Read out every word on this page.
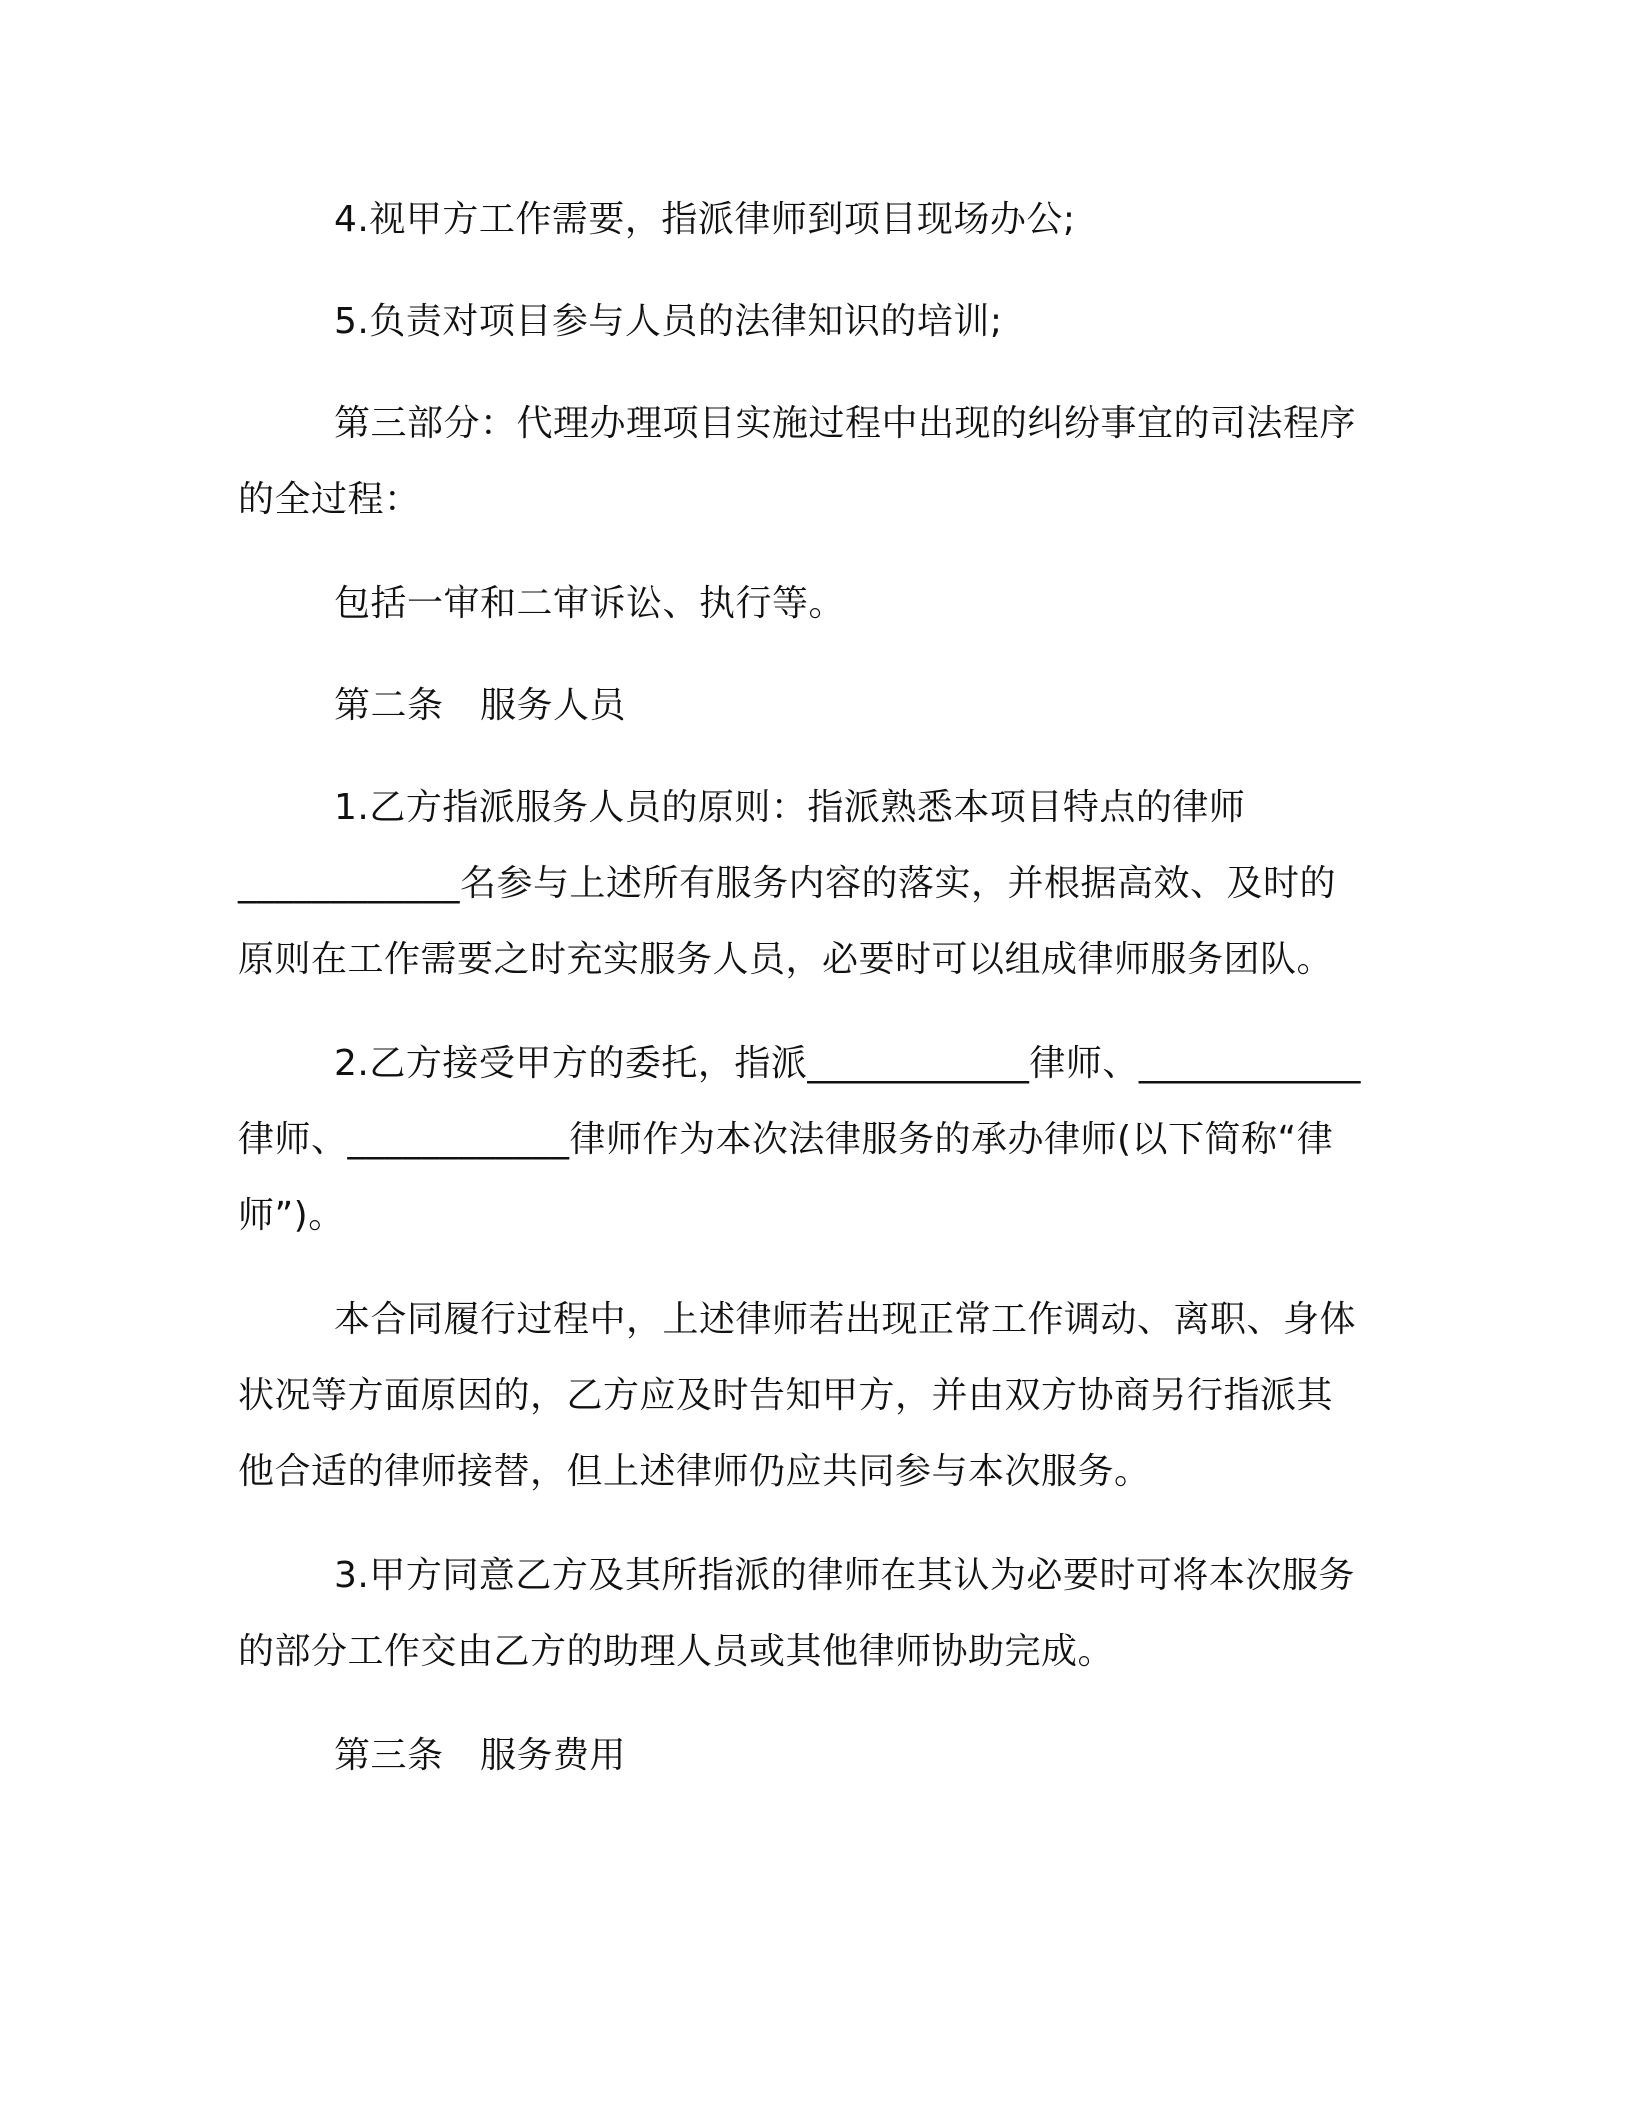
4.视甲方工作需要，指派律师到项目现场办公;
5.负责对项目参与人员的法律知识的培训;
第三部分：代理办理项目实施过程中出现的纠纷事宜的司法程序
的全过程：
包括一审和二审诉讼、执行等。
第二条　服务人员
1.乙方指派服务人员的原则：指派熟悉本项目特点的律师
____________名参与上述所有服务内容的落实，并根据高效、及时的
原则在工作需要之时充实服务人员，必要时可以组成律师服务团队。
2.乙方接受甲方的委托，指派____________律师、____________
律师、____________律师作为本次法律服务的承办律师(以下简称“律
师”)。
本合同履行过程中，上述律师若出现正常工作调动、离职、身体
状况等方面原因的，乙方应及时告知甲方，并由双方协商另行指派其
他合适的律师接替，但上述律师仍应共同参与本次服务。
3.甲方同意乙方及其所指派的律师在其认为必要时可将本次服务
的部分工作交由乙方的助理人员或其他律师协助完成。
第三条　服务费用
